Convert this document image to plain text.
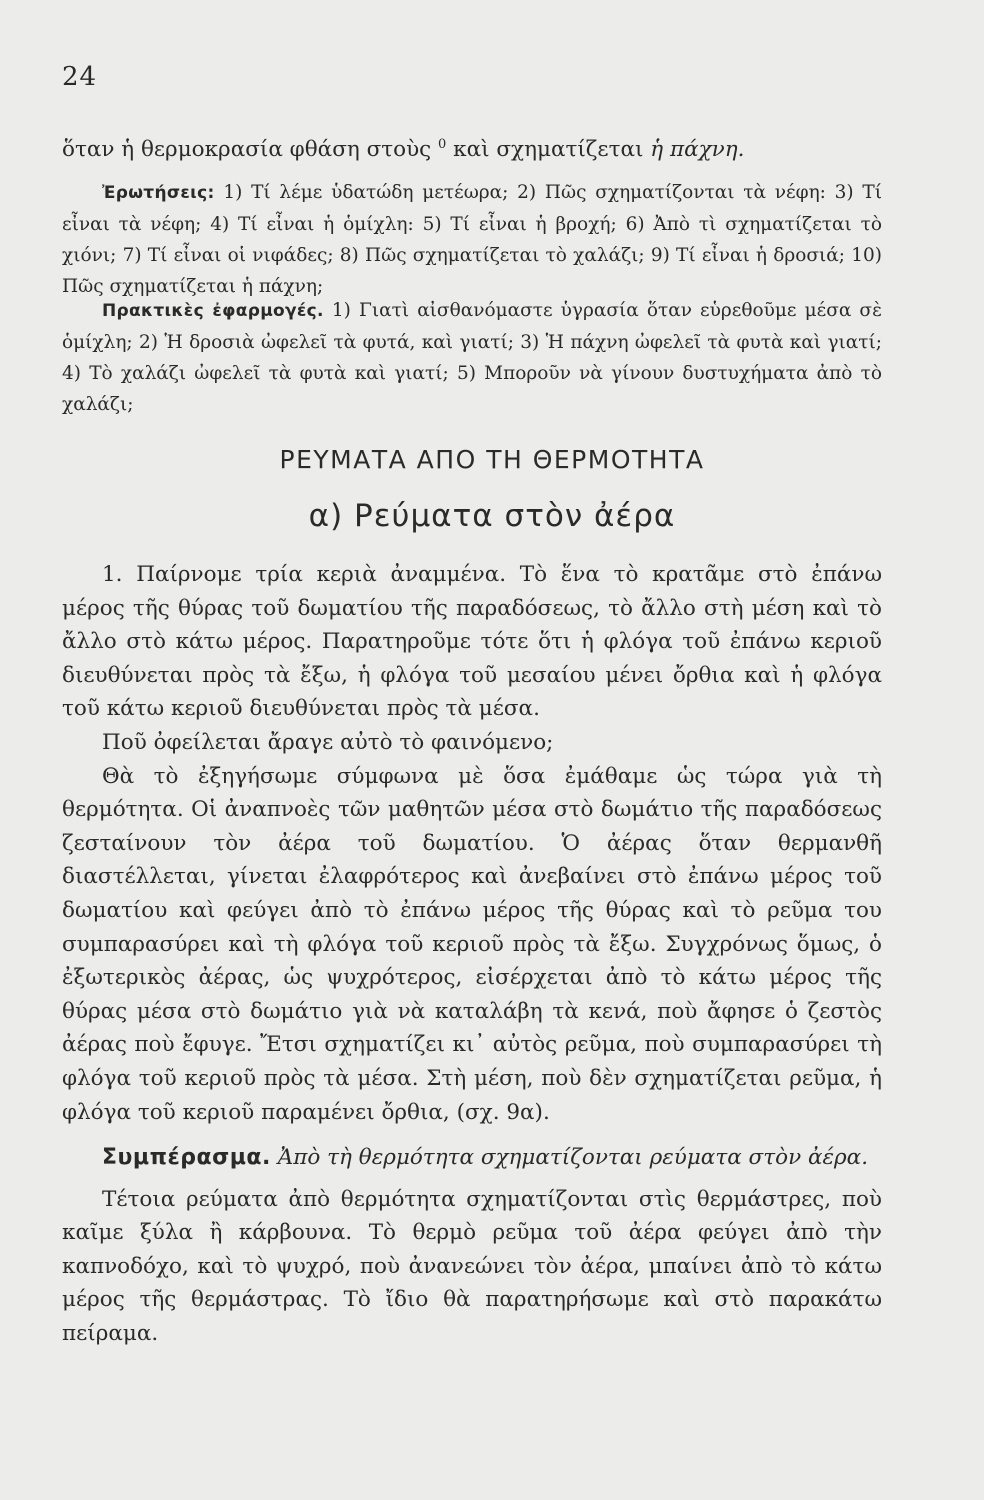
24

ὅταν ἡ θερμοκρασία φθάση στοὺς $^0$ καὶ σχηματίζεται ἡ πάχνη.

Ἐρωτήσεις: 1) Τί λέμε ὑδατώδη μετέωρα; 2) Πῶς σχηματίζονται τὰ νέφη: 3) Τί εἶναι τὰ νέφη; 4) Τί εἶναι ἡ ὁμίχλη: 5) Τί εἶναι ἡ βροχή; 6) Ἀπὸ τὶ σχηματίζεται τὸ χιόνι; 7) Τί εἶναι οἱ νιφάδες; 8) Πῶς σχηματίζεται τὸ χαλάζι; 9) Τί εἶναι ἡ δροσιά; 10) Πῶς σχηματίζεται ἡ πάχνη;

Πρακτικὲς ἐφαρμογές. 1) Γιατὶ αἰσθανόμαστε ὑγρασία ὅταν εὑρεθοῦμε μέσα σὲ ὁμίχλη; 2) Ἡ δροσιὰ ὠφελεῖ τὰ φυτά, καὶ γιατί; 3) Ἡ πάχνη ὠφελεῖ τὰ φυτὰ καὶ γιατί; 4) Τὸ χαλάζι ὠφελεῖ τὰ φυτὰ καὶ γιατί; 5) Μποροῦν νὰ γίνουν δυστυχήματα ἀπὸ τὸ χαλάζι;

ΡΕΥΜΑΤΑ ΑΠΟ ΤΗ ΘΕΡΜΟΤΗΤΑ
α) Ρεύματα στὸν ἀέρα

1. Παίρνομε τρία κεριὰ ἀναμμένα. Τὸ ἕνα τὸ κρατᾶμε στὸ ἐπάνω μέρος τῆς θύρας τοῦ δωματίου τῆς παραδόσεως, τὸ ἄλλο στὴ μέση καὶ τὸ ἄλλο στὸ κάτω μέρος. Παρατηροῦμε τότε ὅτι ἡ φλόγα τοῦ ἐπάνω κεριοῦ διευθύνεται πρὸς τὰ ἔξω, ἡ φλόγα τοῦ μεσαίου μένει ὄρθια καὶ ἡ φλόγα τοῦ κάτω κεριοῦ διευθύνεται πρὸς τὰ μέσα.

Ποῦ ὀφείλεται ἄραγε αὐτὸ τὸ φαινόμενο;

Θὰ τὸ ἐξηγήσωμε σύμφωνα μὲ ὅσα ἐμάθαμε ὡς τώρα γιὰ τὴ θερμότητα. Οἱ ἀναπνοὲς τῶν μαθητῶν μέσα στὸ δωμάτιο τῆς παραδόσεως ζεσταίνουν τὸν ἀέρα τοῦ δωματίου. Ὁ ἀέρας ὅταν θερμανθῆ διαστέλλεται, γίνεται ἐλαφρότερος καὶ ἀνεβαίνει στὸ ἐπάνω μέρος τοῦ δωματίου καὶ φεύγει ἀπὸ τὸ ἐπάνω μέρος τῆς θύρας καὶ τὸ ρεῦμα του συμπαρασύρει καὶ τὴ φλόγα τοῦ κεριοῦ πρὸς τὰ ἔξω. Συγχρόνως ὅμως, ὁ ἐξωτερικὸς ἀέρας, ὡς ψυχρότερος, εἰσέρχεται ἀπὸ τὸ κάτω μέρος τῆς θύρας μέσα στὸ δωμάτιο γιὰ νὰ καταλάβη τὰ κενά, ποὺ ἄφησε ὁ ζεστὸς ἀέρας ποὺ ἔφυγε. Ἔτσι σχηματίζει κι᾿ αὐτὸς ρεῦμα, ποὺ συμπαρασύρει τὴ φλόγα τοῦ κεριοῦ πρὸς τὰ μέσα. Στὴ μέση, ποὺ δὲν σχηματίζεται ρεῦμα, ἡ φλόγα τοῦ κεριοῦ παραμένει ὄρθια, (σχ. 9α).

Συμπέρασμα. Ἀπὸ τὴ θερμότητα σχηματίζονται ρεύματα στὸν ἀέρα.

Τέτοια ρεύματα ἀπὸ θερμότητα σχηματίζονται στὶς θερμάστρες, ποὺ καῖμε ξύλα ἢ κάρβουνα. Τὸ θερμὸ ρεῦμα τοῦ ἀέρα φεύγει ἀπὸ τὴν καπνοδόχο, καὶ τὸ ψυχρό, ποὺ ἀνανεώνει τὸν ἀέρα, μπαίνει ἀπὸ τὸ κάτω μέρος τῆς θερμάστρας. Τὸ ἴδιο θὰ παρατηρήσωμε καὶ στὸ παρακάτω πείραμα.
